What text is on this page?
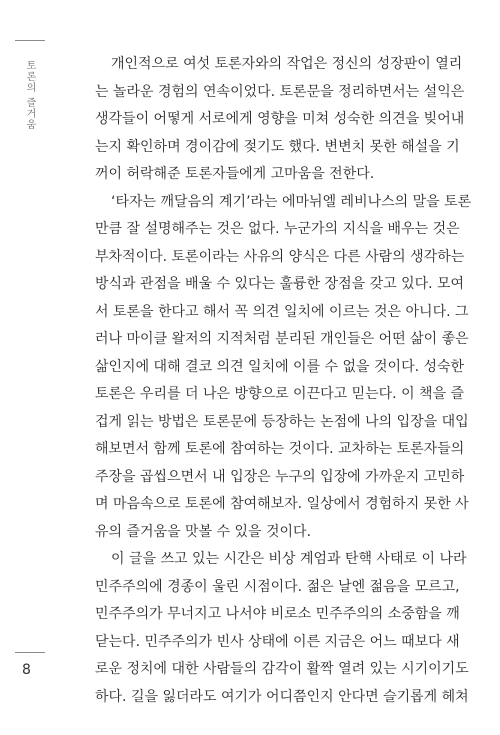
토론의 즐거움
8
개인적으로 여섯 토론자와의 작업은 정신의 성장판이 열리
는 놀라운 경험의 연속이었다. 토론문을 정리하면서는 설익은
생각들이 어떻게 서로에게 영향을 미쳐 성숙한 의견을 빚어내
는지 확인하며 경이감에 젖기도 했다. 변변치 못한 해설을 기
꺼이 허락해준 토론자들에게 고마움을 전한다.
‘타자는 깨달음의 계기’라는 에마뉘엘 레비나스의 말을 토론
만큼 잘 설명해주는 것은 없다. 누군가의 지식을 배우는 것은
부차적이다. 토론이라는 사유의 양식은 다른 사람의 생각하는
방식과 관점을 배울 수 있다는 훌륭한 장점을 갖고 있다. 모여
서 토론을 한다고 해서 꼭 의견 일치에 이르는 것은 아니다. 그
러나 마이클 왈저의 지적처럼 분리된 개인들은 어떤 삶이 좋은
삶인지에 대해 결코 의견 일치에 이를 수 없을 것이다. 성숙한
토론은 우리를 더 나은 방향으로 이끈다고 믿는다. 이 책을 즐
겁게 읽는 방법은 토론문에 등장하는 논점에 나의 입장을 대입
해보면서 함께 토론에 참여하는 것이다. 교차하는 토론자들의
주장을 곱씹으면서 내 입장은 누구의 입장에 가까운지 고민하
며 마음속으로 토론에 참여해보자. 일상에서 경험하지 못한 사
유의 즐거움을 맛볼 수 있을 것이다.
이 글을 쓰고 있는 시간은 비상 계엄과 탄핵 사태로 이 나라
민주주의에 경종이 울린 시점이다. 젊은 날엔 젊음을 모르고,
민주주의가 무너지고 나서야 비로소 민주주의의 소중함을 깨
닫는다. 민주주의가 빈사 상태에 이른 지금은 어느 때보다 새
로운 정치에 대한 사람들의 감각이 활짝 열려 있는 시기이기도
하다. 길을 잃더라도 여기가 어디쯤인지 안다면 슬기롭게 헤쳐
